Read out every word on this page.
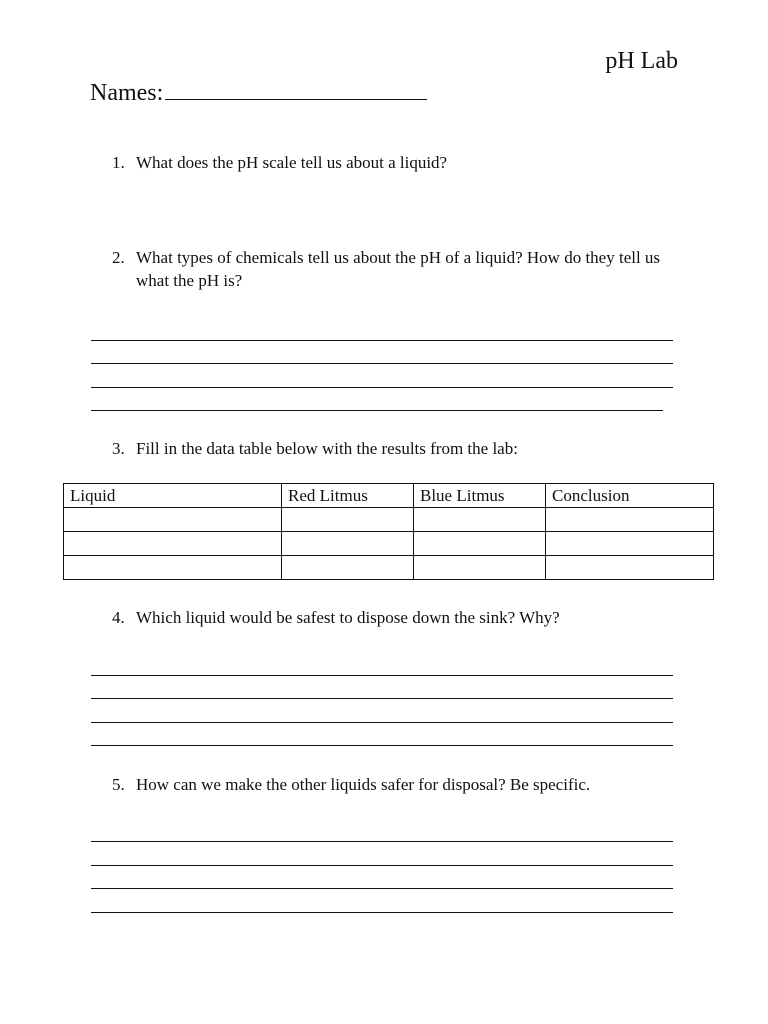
pH Lab
Names:
1. What does the pH scale tell us about a liquid?
2. What types of chemicals tell us about the pH of a liquid? How do they tell us what the pH is?
3. Fill in the data table below with the results from the lab:
Liquid	Red Litmus	Blue Litmus	Conclusion

4. Which liquid would be safest to dispose down the sink? Why?
5. How can we make the other liquids safer for disposal? Be specific.
